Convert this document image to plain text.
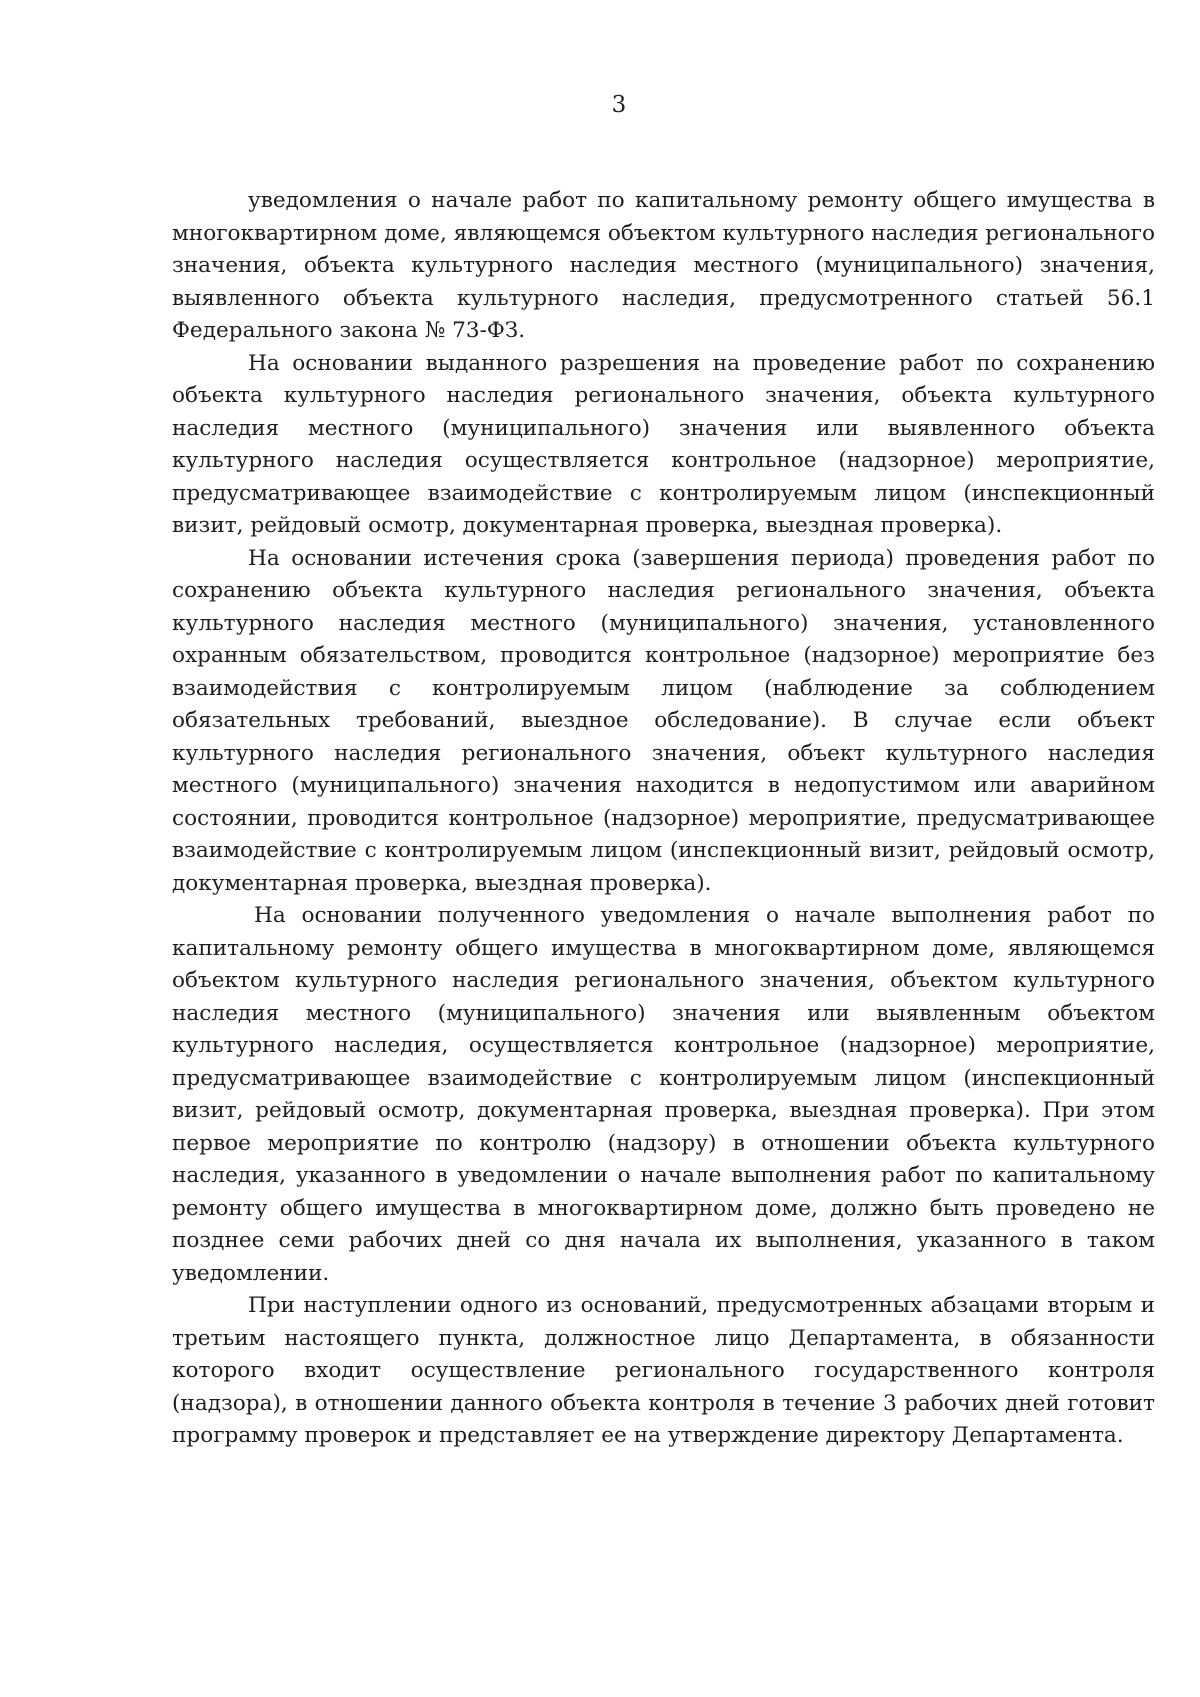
3

уведомления о начале работ по капитальному ремонту общего имущества в многоквартирном доме, являющемся объектом культурного наследия регионального значения, объекта культурного наследия местного (муниципального) значения, выявленного объекта культурного наследия, предусмотренного статьей 56.1 Федерального закона № 73-ФЗ.

На основании выданного разрешения на проведение работ по сохранению объекта культурного наследия регионального значения, объекта культурного наследия местного (муниципального) значения или выявленного объекта культурного наследия осуществляется контрольное (надзорное) мероприятие, предусматривающее взаимодействие с контролируемым лицом (инспекционный визит, рейдовый осмотр, документарная проверка, выездная проверка).

На основании истечения срока (завершения периода) проведения работ по сохранению объекта культурного наследия регионального значения, объекта культурного наследия местного (муниципального) значения, установленного охранным обязательством, проводится контрольное (надзорное) мероприятие без взаимодействия с контролируемым лицом (наблюдение за соблюдением обязательных требований, выездное обследование). В случае если объект культурного наследия регионального значения, объект культурного наследия местного (муниципального) значения находится в недопустимом или аварийном состоянии, проводится контрольное (надзорное) мероприятие, предусматривающее взаимодействие с контролируемым лицом (инспекционный визит, рейдовый осмотр, документарная проверка, выездная проверка).

На основании полученного уведомления о начале выполнения работ по капитальному ремонту общего имущества в многоквартирном доме, являющемся объектом культурного наследия регионального значения, объектом культурного наследия местного (муниципального) значения или выявленным объектом культурного наследия, осуществляется контрольное (надзорное) мероприятие, предусматривающее взаимодействие с контролируемым лицом (инспекционный визит, рейдовый осмотр, документарная проверка, выездная проверка). При этом первое мероприятие по контролю (надзору) в отношении объекта культурного наследия, указанного в уведомлении о начале выполнения работ по капитальному ремонту общего имущества в многоквартирном доме, должно быть проведено не позднее семи рабочих дней со дня начала их выполнения, указанного в таком уведомлении.

При наступлении одного из оснований, предусмотренных абзацами вторым и третьим настоящего пункта, должностное лицо Департамента, в обязанности которого входит осуществление регионального государственного контроля (надзора), в отношении данного объекта контроля в течение 3 рабочих дней готовит программу проверок и представляет ее на утверждение директору Департамента.
